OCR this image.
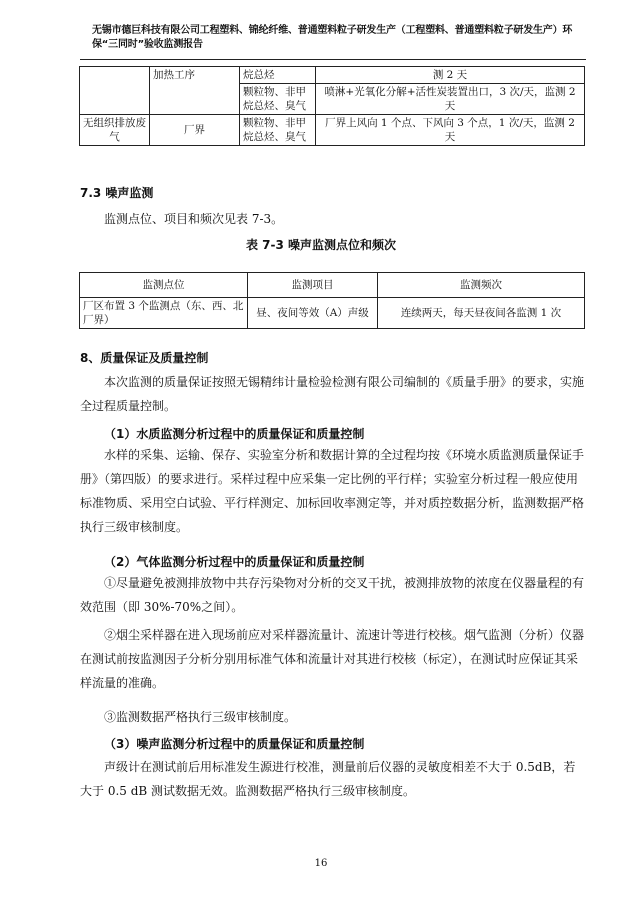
无锡市德巨科技有限公司工程塑料、锦纶纤维、普通塑料粒子研发生产（工程塑料、普通塑料粒子研发生产）环保“三同时”验收监测报告
	加热工序	烷总烃	测 2 天
		颗粒物、非甲烷总烃、臭气	喷淋+光氧化分解+活性炭装置出口，3 次/天，监测 2 天
无组织排放废气	厂界	颗粒物、非甲烷总烃、臭气	厂界上风向 1 个点、下风向 3 个点，1 次/天，监测 2 天
7.3 噪声监测
监测点位、项目和频次见表 7-3。
表 7-3 噪声监测点位和频次
监测点位	监测项目	监测频次
厂区布置 3 个监测点（东、西、北厂界）	昼、夜间等效（A）声级	连续两天，每天昼夜间各监测 1 次
8、质量保证及质量控制
本次监测的质量保证按照无锡精纬计量检验检测有限公司编制的《质量手册》的要求，实施全过程质量控制。
（1）水质监测分析过程中的质量保证和质量控制
水样的采集、运输、保存、实验室分析和数据计算的全过程均按《环境水质监测质量保证手册》（第四版）的要求进行。采样过程中应采集一定比例的平行样；实验室分析过程一般应使用标准物质、采用空白试验、平行样测定、加标回收率测定等，并对质控数据分析，监测数据严格执行三级审核制度。
（2）气体监测分析过程中的质量保证和质量控制
①尽量避免被测排放物中共存污染物对分析的交叉干扰，被测排放物的浓度在仪器量程的有效范围（即 30%-70%之间）。
②烟尘采样器在进入现场前应对采样器流量计、流速计等进行校核。烟气监测（分析）仪器在测试前按监测因子分析分别用标准气体和流量计对其进行校核（标定），在测试时应保证其采样流量的准确。
③监测数据严格执行三级审核制度。
（3）噪声监测分析过程中的质量保证和质量控制
声级计在测试前后用标准发生源进行校准，测量前后仪器的灵敏度相差不大于 0.5dB，若大于 0.5 dB 测试数据无效。监测数据严格执行三级审核制度。
16
